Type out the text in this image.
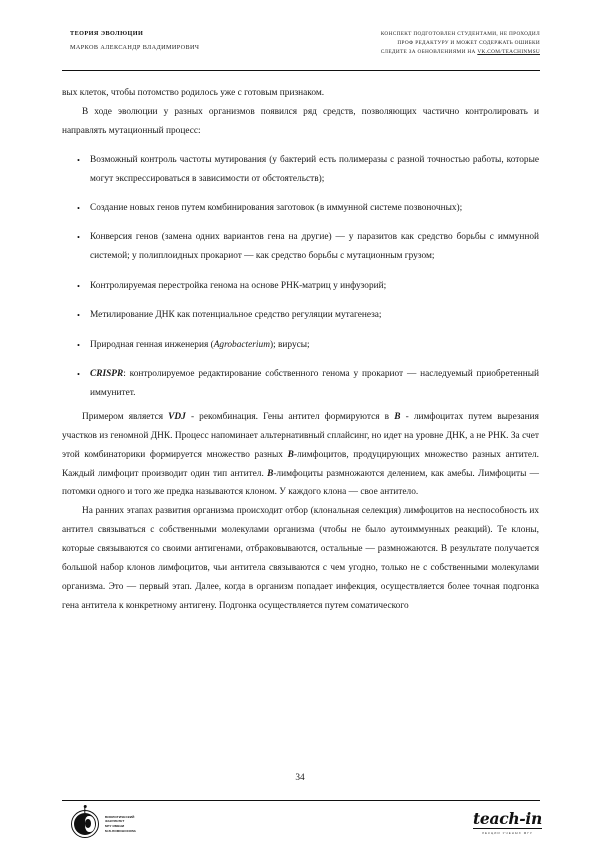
ТЕОРИЯ ЭВОЛЮЦИИ
МАРКОВ АЛЕКСАНДР ВЛАДИМИРОВИЧ
КОНСПЕКТ ПОДГОТОВЛЕН СТУДЕНТАМИ, НЕ ПРОХОДИЛ
ПРОФ РЕДАКТУРУ И МОЖЕТ СОДЕРЖАТЬ ОШИБКИ
СЛЕДИТЕ ЗА ОБНОВЛЕНИЯМИ НА VK.COM/TEACHINMSU

вых клеток, чтобы потомство родилось уже с готовым признаком.

В ходе эволюции у разных организмов появился ряд средств, позволяющих частично контролировать и направлять мутационный процесс:

• Возможный контроль частоты мутирования (у бактерий есть полимеразы с разной точностью работы, которые могут экспрессироваться в зависимости от обстоятельств);
• Создание новых генов путем комбинирования заготовок (в иммунной системе позвоночных);
• Конверсия генов (замена одних вариантов гена на другие) — у паразитов как средство борьбы с иммунной системой; у полиплоидных прокариот — как средство борьбы с мутационным грузом;
• Контролируемая перестройка генома на основе РНК-матриц у инфузорий;
• Метилирование ДНК как потенциальное средство регуляции мутагенеза;
• Природная генная инженерия (Agrobacterium); вирусы;
• CRISPR: контролируемое редактирование собственного генома у прокариот — наследуемый приобретенный иммунитет.

Примером является VDJ - рекомбинация. Гены антител формируются в B - лимфоцитах путем вырезания участков из геномной ДНК. Процесс напоминает альтернативный сплайсинг, но идет на уровне ДНК, а не РНК. За счет этой комбинаторики формируется множество разных B-лимфоцитов, продуцирующих множество разных антител. Каждый лимфоцит производит один тип антител. B-лимфоциты размножаются делением, как амебы. Лимфоциты — потомки одного и того же предка называются клоном. У каждого клона — свое антитело.

На ранних этапах развития организма происходит отбор (клональная селекция) лимфоцитов на неспособность их антител связываться с собственными молекулами организма (чтобы не было аутоиммунных реакций). Те клоны, которые связываются со своими антигенами, отбраковываются, остальные — размножаются. В результате получается большой набор клонов лимфоцитов, чьи антитела связываются с чем угодно, только не с собственными молекулами организма. Это — первый этап. Далее, когда в организм попадает инфекция, осуществляется более точная подгонка гена антитела к конкретному антигену. Подгонка осуществляется путем соматического

34
БИОЛОГИЧЕСКИЙ
ФАКУЛЬТЕТ
МГУ ИМЕНИ
М.В.ЛОМОНОСОВА
teach-in
ЛЕКЦИИ УЧЕНЫХ МГУ
